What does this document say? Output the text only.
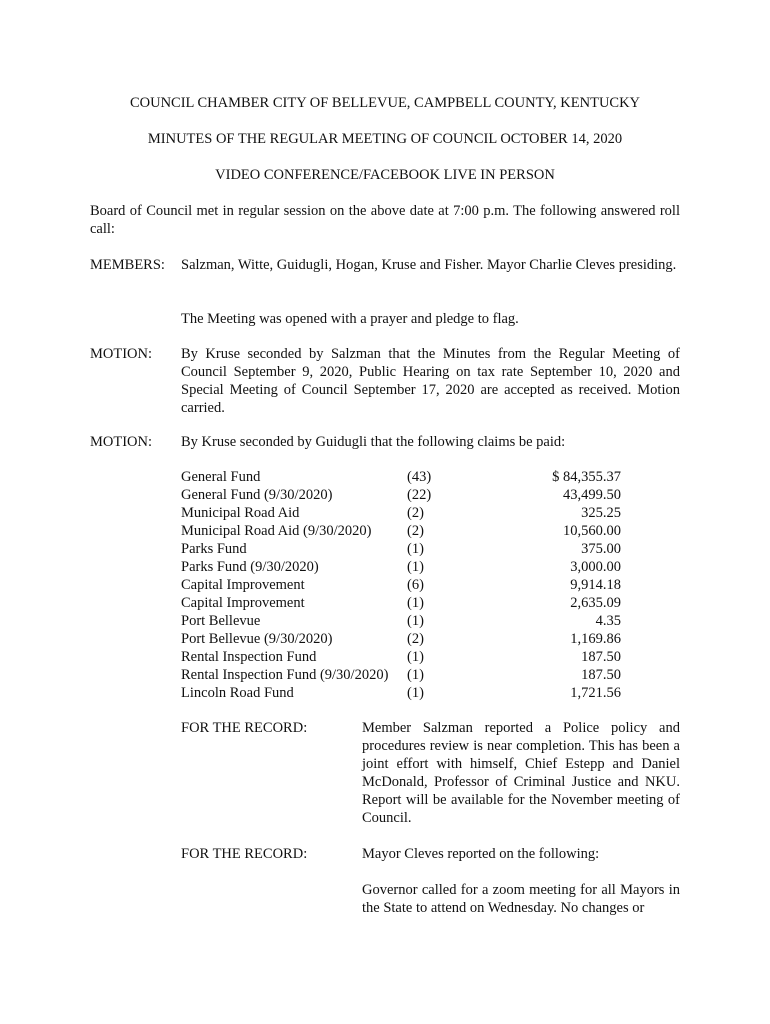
COUNCIL CHAMBER CITY OF BELLEVUE, CAMPBELL COUNTY, KENTUCKY
MINUTES OF THE REGULAR MEETING OF COUNCIL OCTOBER 14, 2020
VIDEO CONFERENCE/FACEBOOK LIVE IN PERSON
Board of Council met in regular session on the above date at 7:00 p.m. The following answered roll call:
MEMBERS: Salzman, Witte, Guidugli, Hogan, Kruse and Fisher. Mayor Charlie Cleves presiding.
The Meeting was opened with a prayer and pledge to flag.
MOTION: By Kruse seconded by Salzman that the Minutes from the Regular Meeting of Council September 9, 2020, Public Hearing on tax rate September 10, 2020 and Special Meeting of Council September 17, 2020 are accepted as received. Motion carried.
MOTION: By Kruse seconded by Guidugli that the following claims be paid:
General Fund	(43)	$ 84,355.37
General Fund (9/30/2020)	(22)	43,499.50
Municipal Road Aid	(2)	325.25
Municipal Road Aid (9/30/2020) (2)	10,560.00
Parks Fund	(1)	375.00
Parks Fund (9/30/2020)	(1)	3,000.00
Capital Improvement	(6)	9,914.18
Capital Improvement	(1)	2,635.09
Port Bellevue	(1)	4.35
Port Bellevue (9/30/2020)	(2)	1,169.86
Rental Inspection Fund	(1)	187.50
Rental Inspection Fund (9/30/2020) (1)	187.50
Lincoln Road Fund	(1)	1,721.56
FOR THE RECORD:	Member Salzman reported a Police policy and procedures review is near completion. This has been a joint effort with himself, Chief Estepp and Daniel McDonald, Professor of Criminal Justice and NKU. Report will be available for the November meeting of Council.
FOR THE RECORD:	Mayor Cleves reported on the following:
Governor called for a zoom meeting for all Mayors in the State to attend on Wednesday. No changes or
